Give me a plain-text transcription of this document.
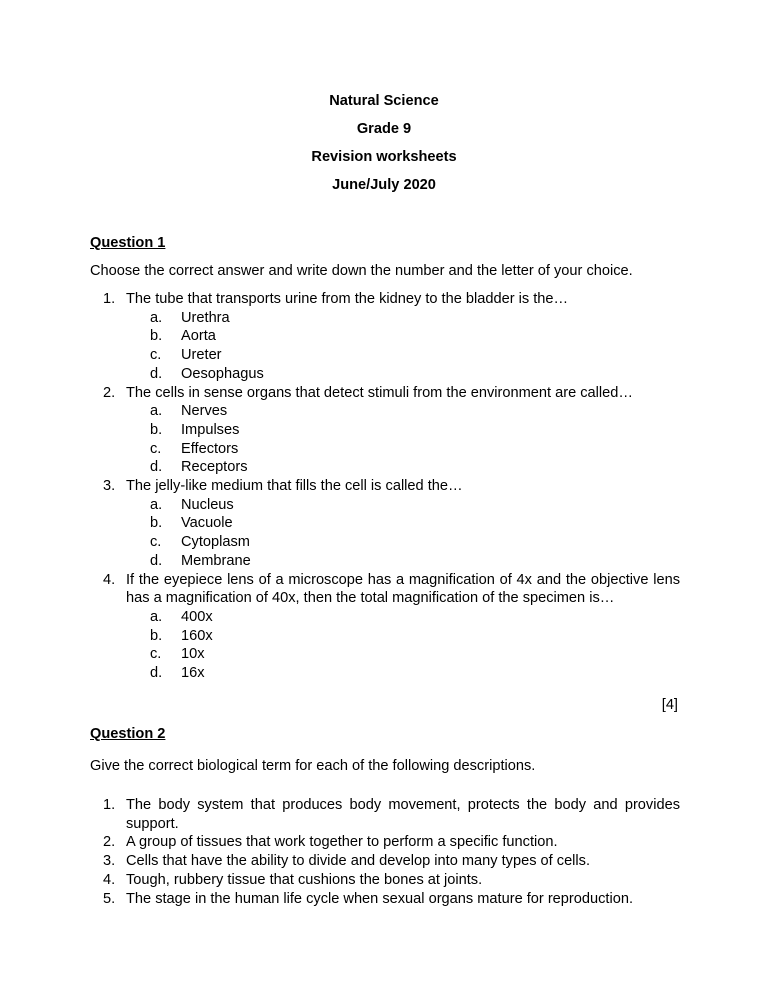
Natural Science
Grade 9
Revision worksheets
June/July 2020
Question 1
Choose the correct answer and write down the number and the letter of your choice.
1. The tube that transports urine from the kidney to the bladder is the…
a.	Urethra
b.	Aorta
c.	Ureter
d.	Oesophagus
2. The cells in sense organs that detect stimuli from the environment are called…
a.	Nerves
b.	Impulses
c.	Effectors
d.	Receptors
3. The jelly-like medium that fills the cell is called the…
a.	Nucleus
b.	Vacuole
c.	Cytoplasm
d.	Membrane
4. If the eyepiece lens of a microscope has a magnification of 4x and the objective lens has a magnification of 40x, then the total magnification of the specimen is…
a.	400x
b.	160x
c.	10x
d.	16x
[4]
Question 2
Give the correct biological term for each of the following descriptions.
1. The body system that produces body movement, protects the body and provides support.
2. A group of tissues that work together to perform a specific function.
3. Cells that have the ability to divide and develop into many types of cells.
4. Tough, rubbery tissue that cushions the bones at joints.
5. The stage in the human life cycle when sexual organs mature for reproduction.
